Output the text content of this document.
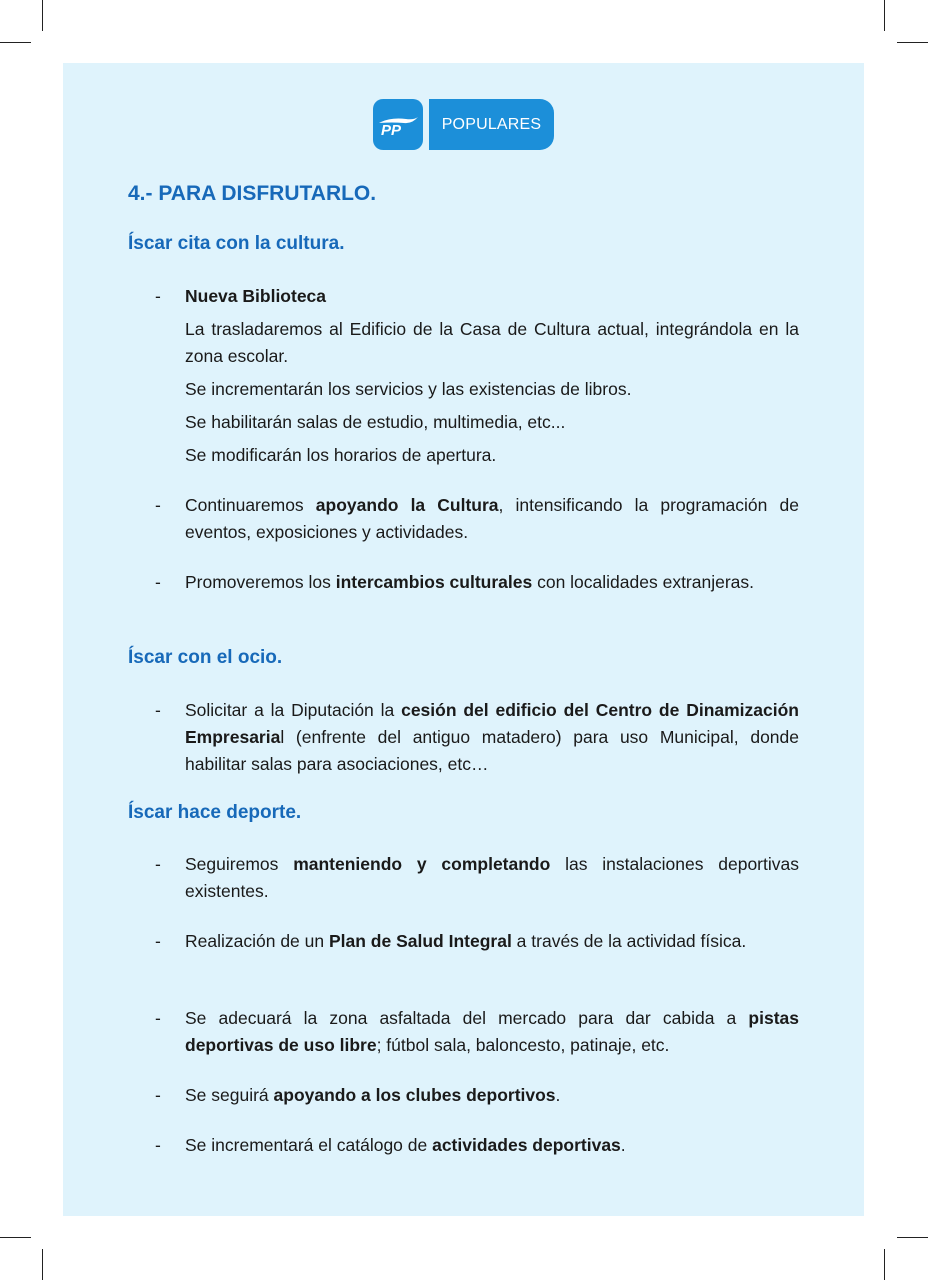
PP	POPULARES
4.- PARA DISFRUTARLO.
Íscar cita con la cultura.
- Nueva Biblioteca
La trasladaremos al Edificio de la Casa de Cultura actual, integrándola en la zona escolar.
Se incrementarán los servicios y las existencias de libros.
Se habilitarán salas de estudio, multimedia, etc...
Se modificarán los horarios de apertura.
- Continuaremos apoyando la Cultura, intensificando la programación de eventos, exposiciones y actividades.
- Promoveremos los intercambios culturales con localidades extranjeras.
Íscar con el ocio.
- Solicitar a la Diputación la cesión del edificio del Centro de Dinamización Empresarial (enfrente del antiguo matadero) para uso Municipal, donde habilitar salas para asociaciones, etc…
Íscar hace deporte.
- Seguiremos manteniendo y completando las instalaciones deportivas existentes.
- Realización de un Plan de Salud Integral a través de la actividad física.
- Se adecuará la zona asfaltada del mercado para dar cabida a pistas deportivas de uso libre; fútbol sala, baloncesto, patinaje, etc.
- Se seguirá apoyando a los clubes deportivos.
- Se incrementará el catálogo de actividades deportivas.
